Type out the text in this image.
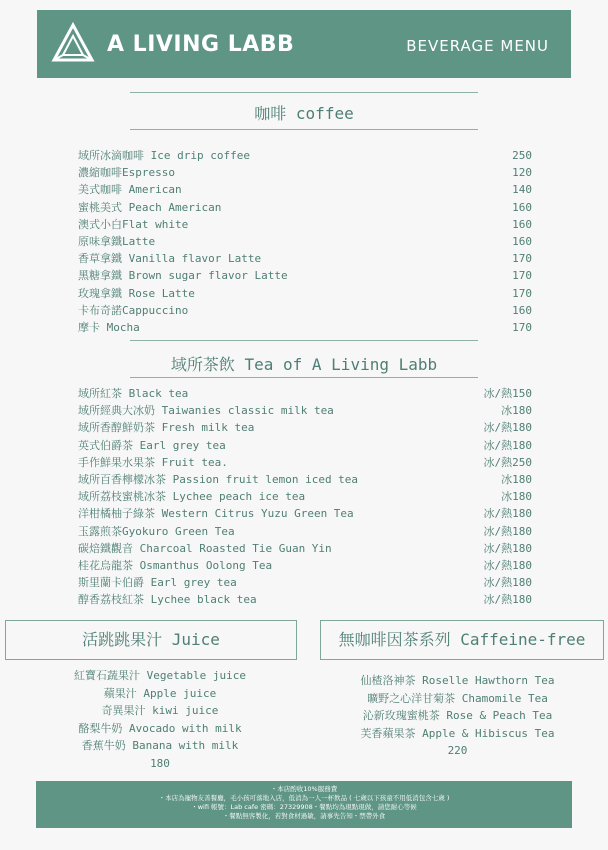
A LIVING LABB	BEVERAGE MENU
咖啡 coffee
域所冰滴咖啡 Ice drip coffee	250
濃縮咖啡Espresso	120
美式咖啡 American	140
蜜桃美式 Peach American	160
澳式小白Flat white	160
原味拿鐵Latte	160
香草拿鐵 Vanilla flavor Latte	170
黑糖拿鐵 Brown sugar flavor Latte	170
玫瑰拿鐵 Rose Latte	170
卡布奇諾Cappuccino	160
摩卡 Mocha	170
域所茶飲 Tea of A Living Labb
域所紅茶 Black tea	冰/熱150
域所經典大冰奶 Taiwanies classic milk tea	冰180
域所香醇鮮奶茶 Fresh milk tea	冰/熱180
英式伯爵茶 Earl grey tea	冰/熱180
手作鮮果水果茶 Fruit tea.	冰/熱250
域所百香檸檬冰茶 Passion fruit lemon iced tea	冰180
域所荔枝蜜桃冰茶 Lychee peach ice tea	冰180
洋柑橘柚子綠茶 Western Citrus Yuzu Green Tea	冰/熱180
玉露煎茶Gyokuro Green Tea	冰/熱180
碳焙鐵觀音 Charcoal Roasted Tie Guan Yin	冰/熱180
桂花烏龍茶 Osmanthus Oolong Tea	冰/熱180
斯里蘭卡伯爵 Earl grey tea	冰/熱180
醇香荔枝紅茶 Lychee black tea	冰/熱180
活跳跳果汁 Juice
紅寶石蔬果汁 Vegetable juice
蘋果汁 Apple juice
奇異果汁 kiwi juice
酪梨牛奶 Avocado with milk
香蕉牛奶 Banana with milk
180
無咖啡因茶系列 Caffeine-free
仙楂洛神茶 Roselle Hawthorn Tea
曠野之心洋甘菊茶 Chamomile Tea
沁新玫瑰蜜桃茶 Rose & Peach Tea
芙香蘋果茶 Apple & Hibiscus Tea
220
・本店酌收10%服務費
・本店為寵物友善餐廳，毛小孩可落地入店，低消為一人一杯飲品 ( 七歲以下孩童不用低消包含七歲 )
・wifi 帳號：Lab cafe 密碼：27329908・餐點均為現點現做，請您耐心等候
・餐點無客製化，若對食材過敏，請事先告知・禁帶外食
